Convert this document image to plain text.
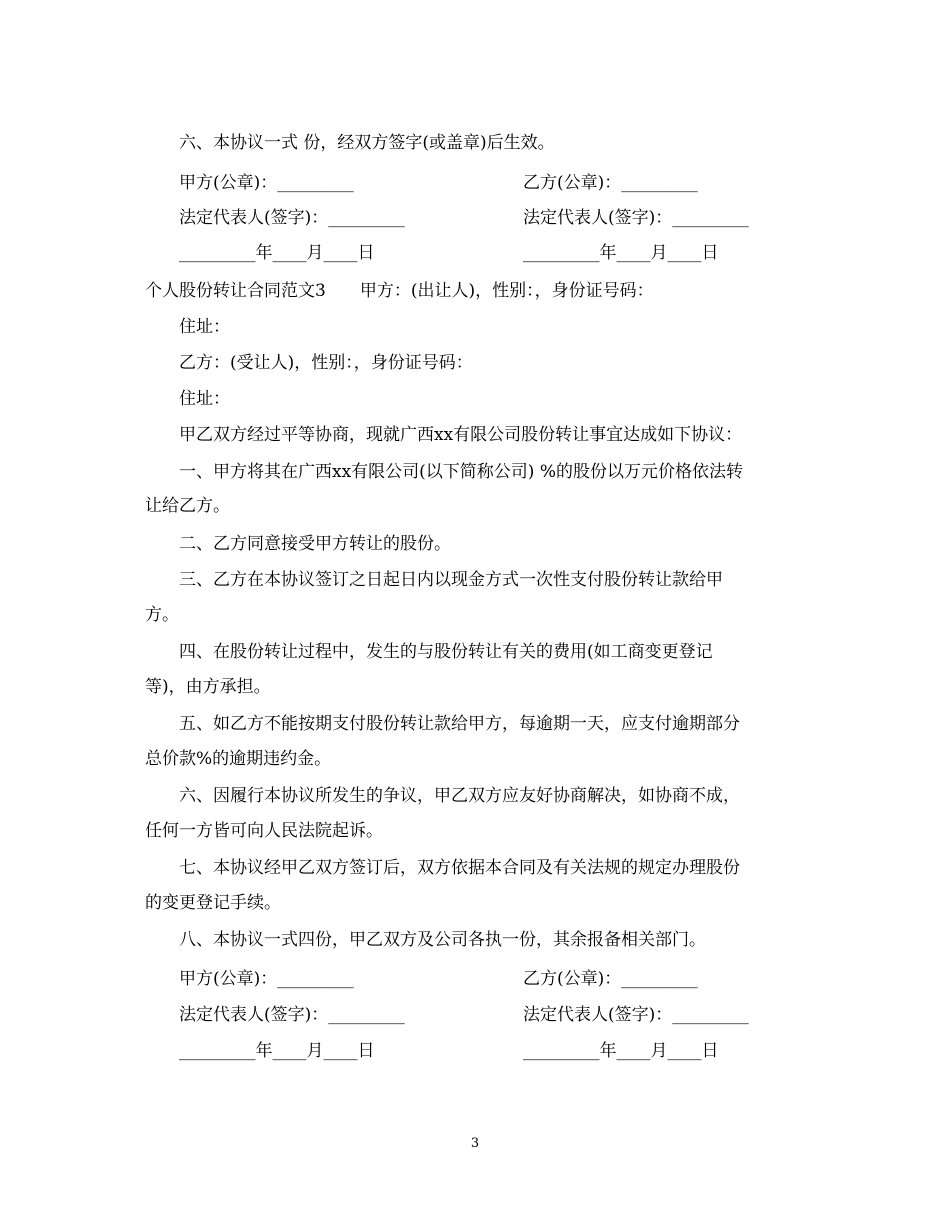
六、本协议一式 份，经双方签字(或盖章)后生效。
甲方(公章)：_________	乙方(公章)：_________
法定代表人(签字)：_________	法定代表人(签字)：_________
_________年____月____日	_________年____月____日
个人股份转让合同范文3　　甲方：(出让人)，性别：，身份证号码：
住址：
乙方：(受让人)，性别：，身份证号码：
住址：
甲乙双方经过平等协商，现就广西xx有限公司股份转让事宜达成如下协议：
一、甲方将其在广西xx有限公司(以下简称公司) %的股份以万元价格依法转
让给乙方。
二、乙方同意接受甲方转让的股份。
三、乙方在本协议签订之日起日内以现金方式一次性支付股份转让款给甲
方。
四、在股份转让过程中，发生的与股份转让有关的费用(如工商变更登记
等)，由方承担。
五、如乙方不能按期支付股份转让款给甲方，每逾期一天，应支付逾期部分
总价款%的逾期违约金。
六、因履行本协议所发生的争议，甲乙双方应友好协商解决，如协商不成，
任何一方皆可向人民法院起诉。
七、本协议经甲乙双方签订后，双方依据本合同及有关法规的规定办理股份
的变更登记手续。
八、本协议一式四份，甲乙双方及公司各执一份，其余报备相关部门。
甲方(公章)：_________	乙方(公章)：_________
法定代表人(签字)：_________	法定代表人(签字)：_________
_________年____月____日	_________年____月____日
3
